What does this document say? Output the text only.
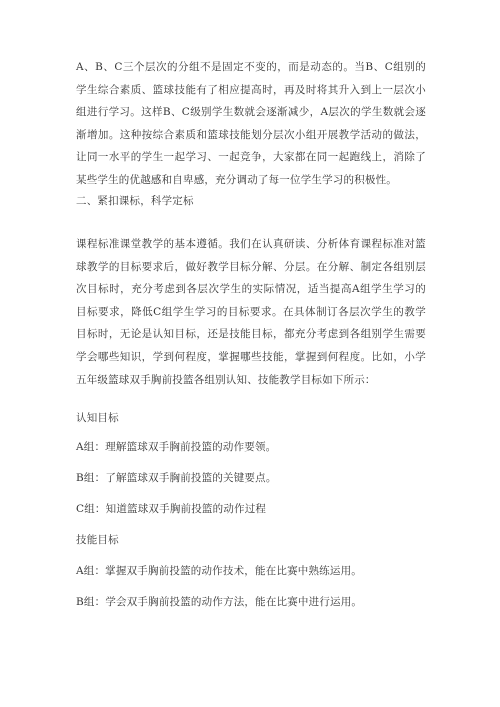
A、B、C三个层次的分组不是固定不变的，而是动态的。当B、C组别的学生综合素质、篮球技能有了相应提高时，再及时将其升入到上一层次小组进行学习。这样B、C级别学生数就会逐渐减少，A层次的学生数就会逐渐增加。这种按综合素质和篮球技能划分层次小组开展教学活动的做法，让同一水平的学生一起学习、一起竞争，大家都在同一起跑线上，消除了某些学生的优越感和自卑感，充分调动了每一位学生学习的积极性。

二、紧扣课标，科学定标

课程标准课堂教学的基本遵循。我们在认真研读、分析体育课程标准对篮球教学的目标要求后，做好教学目标分解、分层。在分解、制定各组别层次目标时，充分考虑到各层次学生的实际情况，适当提高A组学生学习的目标要求，降低C组学生学习的目标要求。在具体制订各层次学生的教学目标时，无论是认知目标，还是技能目标，都充分考虑到各组别学生需要学会哪些知识，学到何程度，掌握哪些技能，掌握到何程度。比如，小学五年级篮球双手胸前投篮各组别认知、技能教学目标如下所示：

认知目标

A组：理解篮球双手胸前投篮的动作要领。

B组：了解篮球双手胸前投篮的关键要点。

C组：知道篮球双手胸前投篮的动作过程

技能目标

A组：掌握双手胸前投篮的动作技术，能在比赛中熟练运用。

B组：学会双手胸前投篮的动作方法，能在比赛中进行运用。
